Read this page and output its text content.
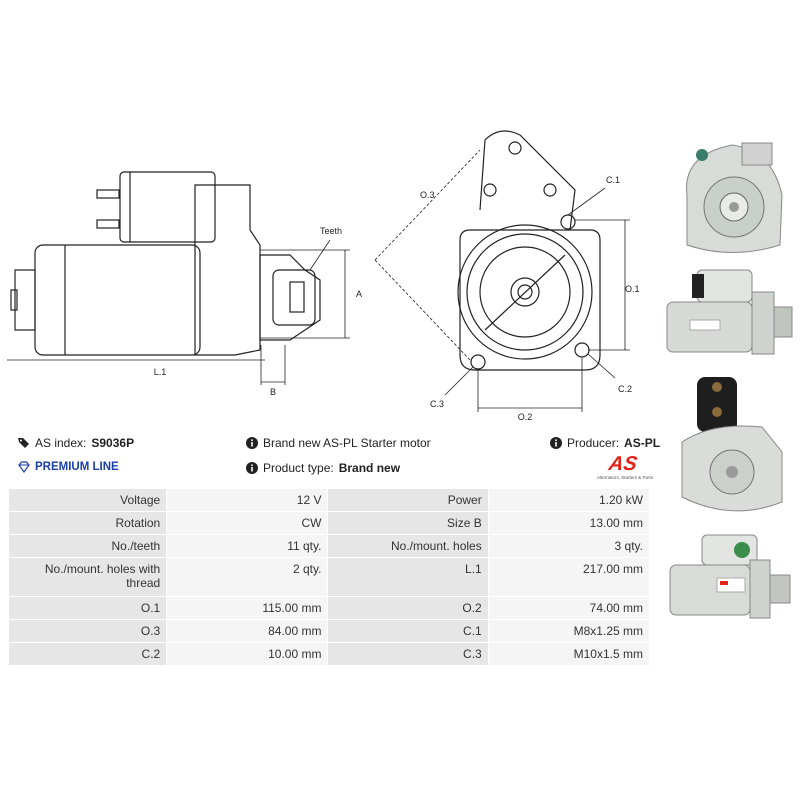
L.1
A
B
Teeth
O.3
O.1
O.2
C.1
C.2
C.3
AS index: S9036P
PREMIUM LINE
Brand new AS-PL Starter motor
Product type: Brand new
Producer: AS-PL
AS
Alternators, Starters & Parts
Voltage	12 V	Power	1.20 kW
Rotation	CW	Size B	13.00 mm
No./teeth	11 qty.	No./mount. holes	3 qty.
No./mount. holes with thread	2 qty.	L.1	217.00 mm
O.1	115.00 mm	O.2	74.00 mm
O.3	84.00 mm	C.1	M8x1.25 mm
C.2	10.00 mm	C.3	M10x1.5 mm
